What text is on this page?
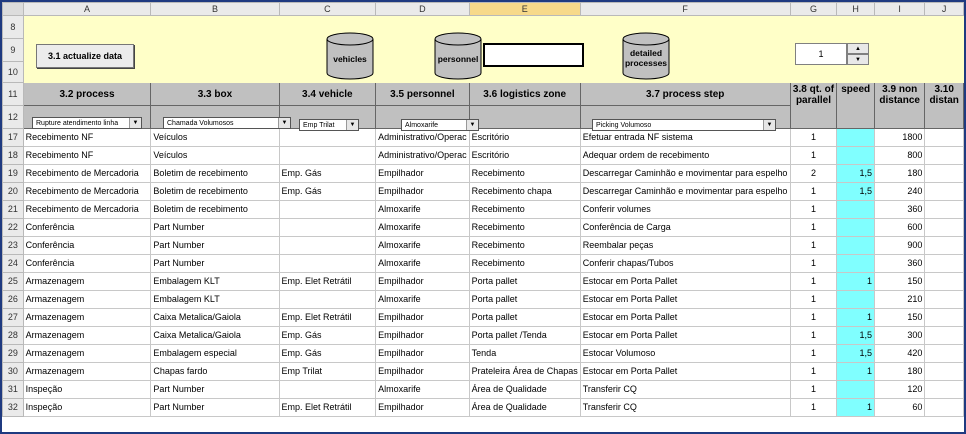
	A	B	C	D	E	F	G	H	I	J
8										
9										
10										
11	3.2 process	3.3 box	3.4 vehicle	3.5 personnel	3.6 logistics zone	3.7 process step	3.8 qt. of parallel	speed	3.9 non distance	3.10 distan
12										
17	Recebimento NF	Veículos		Administrativo/Operac	Escritório	Efetuar entrada NF sistema	1		1800	
18	Recebimento NF	Veículos		Administrativo/Operac	Escritório	Adequar ordem de recebimento	1		800	
19	Recebimento de Mercadoria	Boletim de recebimento	Emp. Gás	Empilhador	Recebimento	Descarregar Caminhão e movimentar para espelho	2	1,5	180	
20	Recebimento de Mercadoria	Boletim de recebimento	Emp. Gás	Empilhador	Recebimento chapa	Descarregar Caminhão e movimentar para espelho	1	1,5	240	
21	Recebimento de Mercadoria	Boletim de recebimento		Almoxarife	Recebimento	Conferir volumes	1		360	
22	Conferência	Part Number		Almoxarife	Recebimento	Conferência de Carga	1		600	
23	Conferência	Part Number		Almoxarife	Recebimento	Reembalar peças	1		900	
24	Conferência	Part Number		Almoxarife	Recebimento	Conferir chapas/Tubos	1		360	
25	Armazenagem	Embalagem KLT	Emp. Elet Retrátil	Empilhador	Porta pallet	Estocar em Porta Pallet	1	1	150	
26	Armazenagem	Embalagem KLT		Almoxarife	Porta pallet	Estocar em Porta Pallet	1		210	
27	Armazenagem	Caixa Metalica/Gaiola	Emp. Elet Retrátil	Empilhador	Porta pallet	Estocar em Porta Pallet	1	1	150	
28	Armazenagem	Caixa Metalica/Gaiola	Emp. Gás	Empilhador	Porta pallet /Tenda	Estocar em Porta Pallet	1	1,5	300	
29	Armazenagem	Embalagem especial	Emp. Gás	Empilhador	Tenda	Estocar Volumoso	1	1,5	420	
30	Armazenagem	Chapas fardo	Emp Trilat	Empilhador	Prateleira Área de Chapas	Estocar em Porta Pallet	1	1	180	
31	Inspeção	Part Number		Almoxarife	Área de Qualidade	Transferir CQ	1		120	
32	Inspeção	Part Number	Emp. Elet Retrátil	Empilhador	Área de Qualidade	Transferir CQ	1	1	60	
3.1 actualize data	vehicles	personnel
detailed processes
1
▲
▼
Rupture atendimento linha	▼	Chamada Volumosos	▼	Emp Trilat	▼	Almoxarife	▼	Picking Volumoso	▼
